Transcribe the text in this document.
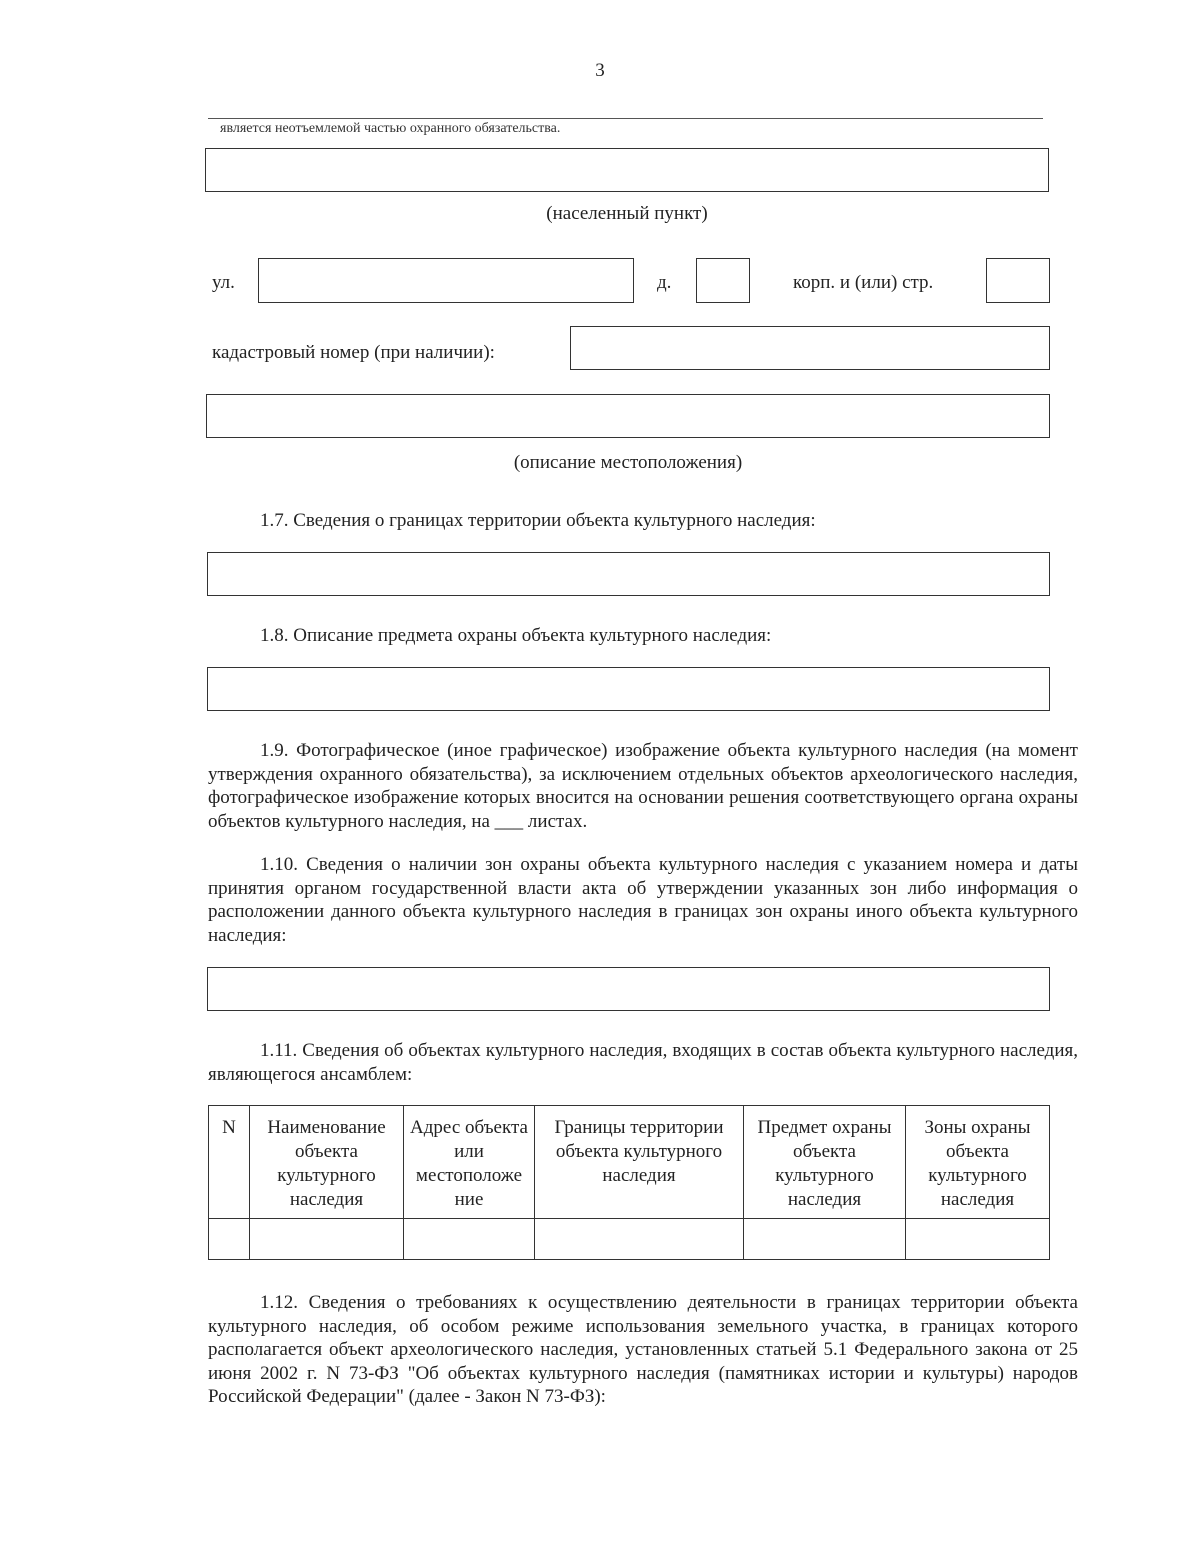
3
является неотъемлемой частью охранного обязательства.
(населенный пункт)
ул.	д.	корп. и (или) стр.
кадастровый номер (при наличии):
(описание местоположения)
1.7. Сведения о границах территории объекта культурного наследия:
1.8. Описание предмета охраны объекта культурного наследия:
1.9. Фотографическое (иное графическое) изображение объекта культурного наследия (на момент утверждения охранного обязательства), за исключением отдельных объектов археологического наследия, фотографическое изображение которых вносится на основании решения соответствующего органа охраны объектов культурного наследия, на ___ листах.
1.10. Сведения о наличии зон охраны объекта культурного наследия с указанием номера и даты принятия органом государственной власти акта об утверждении указанных зон либо информация о расположении данного объекта культурного наследия в границах зон охраны иного объекта культурного наследия:
1.11. Сведения об объектах культурного наследия, входящих в состав объекта культурного наследия, являющегося ансамблем:
N	Наименование объекта культурного наследия	Адрес объекта или местоположе ние	Границы территории объекта культурного наследия	Предмет охраны объекта культурного наследия	Зоны охраны объекта культурного наследия

1.12. Сведения о требованиях к осуществлению деятельности в границах территории объекта культурного наследия, об особом режиме использования земельного участка, в границах которого располагается объект археологического наследия, установленных статьей 5.1 Федерального закона от 25 июня 2002 г. N 73-ФЗ "Об объектах культурного наследия (памятниках истории и культуры) народов Российской Федерации" (далее - Закон N 73-ФЗ):
